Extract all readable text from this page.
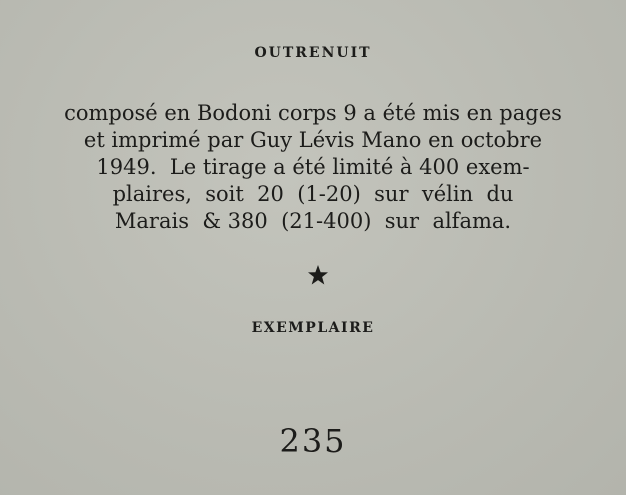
OUTRENUIT
composé en Bodoni corps 9 a été mis en pages
et imprimé par Guy Lévis Mano en octobre
1949.  Le tirage a été limité à 400 exem-
plaires,  soit  20  (1-20)  sur  vélin  du
Marais  & 380  (21-400)  sur  alfama.
EXEMPLAIRE
235
